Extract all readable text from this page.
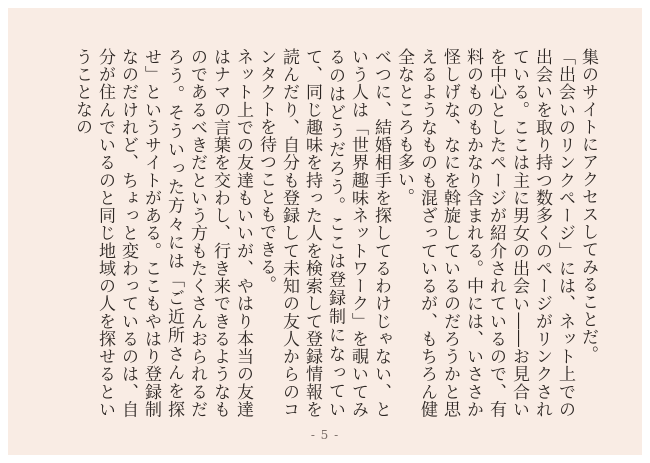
集のサイトにアクセスしてみることだ。

「出会いのリンクページ」には、ネット上での出会いを取り持つ数多くのページがリンクされている。ここは主に男女の出会い――お見合いを中心としたページが紹介されているので、有料のものもかなり含まれる。中には、いささか怪しげな、なにを斡旋しているのだろうかと思えるようなものも混ざっているが、もちろん健全なところも多い。

べつに、結婚相手を探してるわけじゃない、という人は「世界趣味ネットワーク」を覗いてみるのはどうだろう。ここは登録制になっていて、同じ趣味を持った人を検索して登録情報を読んだり、自分も登録して未知の友人からのコンタクトを待つこともできる。

ネット上での友達もいいが、やはり本当の友達はナマの言葉を交わし、行き来できるようなものであるべきだという方もたくさんおられるだろう。そういった方々には「ご近所さんを探せ」というサイトがある。ここもやはり登録制なのだけれど、ちょっと変わっているのは、自分が住んでいるのと同じ地域の人を探せるということなの

- 5 -
